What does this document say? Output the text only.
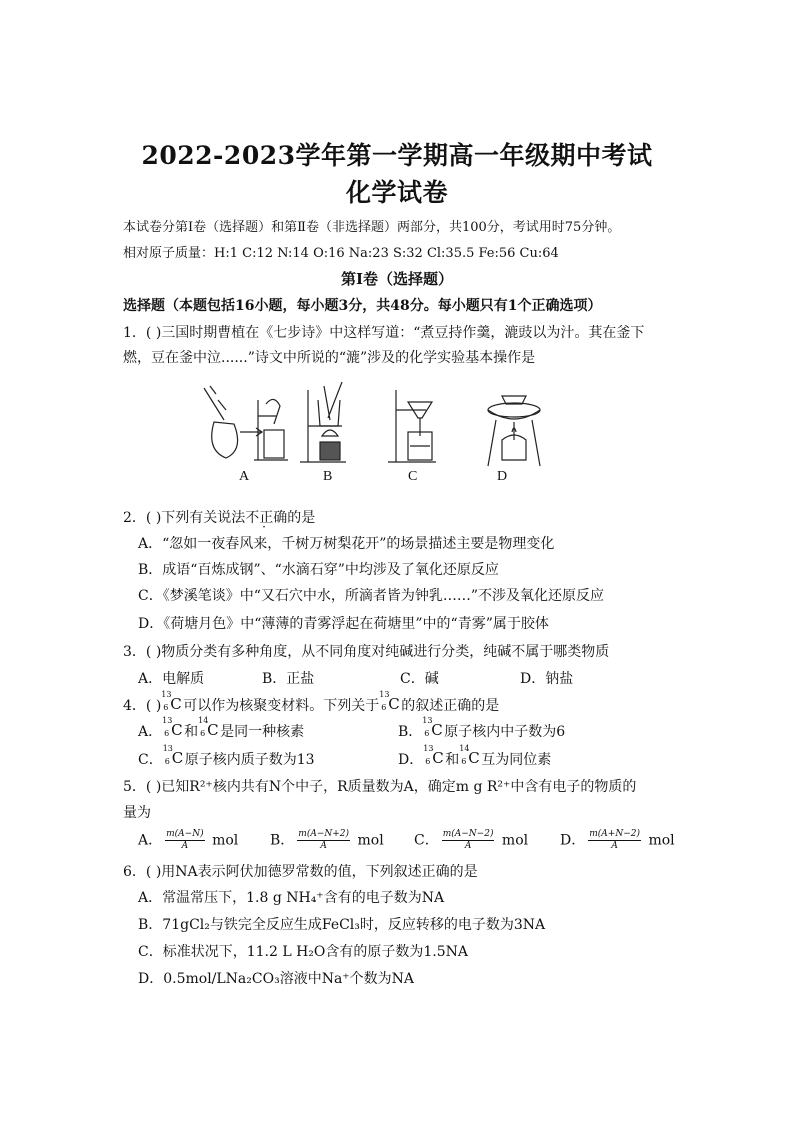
2022-2023学年第一学期高一年级期中考试
化学试卷
本试卷分第Ⅰ卷（选择题）和第Ⅱ卷（非选择题）两部分，共100分，考试用时75分钟。
相对原子质量：H:1 C:12 N:14 O:16 Na:23 S:32 Cl:35.5 Fe:56 Cu:64
第Ⅰ卷（选择题）
选择题（本题包括16小题，每小题3分，共48分。每小题只有1个正确选项）
1．( )三国时期曹植在《七步诗》中这样写道：“煮豆持作羹，漉豉以为汁。萁在釜下
燃，豆在釜中泣......”诗文中所说的“漉”涉及的化学实验基本操作是
A	B	C	D
2．( )下列有关说法不正确的是
A．“忽如一夜春风来，千树万树梨花开”的场景描述主要是物理变化
B．成语“百炼成钢”、“水滴石穿”中均涉及了氧化还原反应
C．《梦溪笔谈》中“又石穴中水，所滴者皆为钟乳……”不涉及氧化还原反应
D．《荷塘月色》中“薄薄的青雾浮起在荷塘里”中的“青雾”属于胶体
3．( )物质分类有多种角度，从不同角度对纯碱进行分类，纯碱不属于哪类物质
A．电解质	B．正盐	C．碱	D．钠盐
4．( )
13
6 C 可以作为核聚变材料。下列关于
13
6 C 的叙述正确的是
A．
13
6 C 和
14
6 C 是同一种核素	B．
13
6 C 原子核内中子数为6
C．
13
6 C 原子核内质子数为13	D．
13
6 C 和
14
6 C 互为同位素
5．( )已知R²⁺核内共有N个中子，R质量数为A，确定m g R²⁺中含有电子的物质的
量为
A． $\frac{m(A-N)}{A}$ mol B． $\frac{m(A-N+2)}{A}$ mol C． $\frac{m(A-N-2)}{A}$ mol D． $\frac{m(A+N-2)}{A}$ mol
6．( )用NA表示阿伏加德罗常数的值，下列叙述正确的是
A．常温常压下，1.8 g NH₄⁺含有的电子数为NA
B．71gCl₂与铁完全反应生成FeCl₃时，反应转移的电子数为3NA
C．标准状况下，11.2 L H₂O含有的原子数为1.5NA
D．0.5mol/LNa₂CO₃溶液中Na⁺个数为NA
